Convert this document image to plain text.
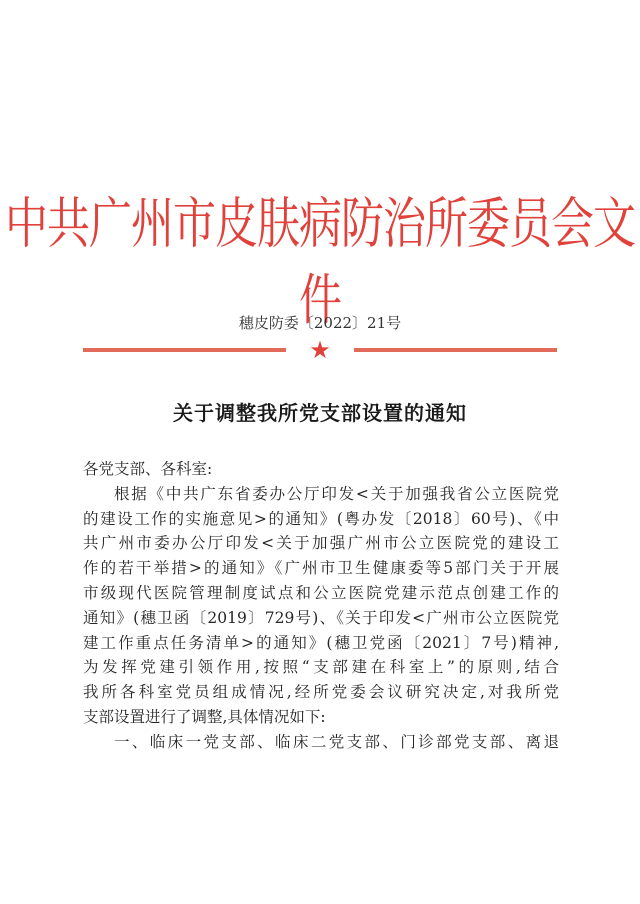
中共广州市皮肤病防治所委员会文件
穗皮防委〔2022〕21号
★
关于调整我所党支部设置的通知

各党支部、各科室:

根据《中共广东省委办公厅印发<关于加强我省公立医院党

的建设工作的实施意见>的通知》(粤办发〔2018〕60号)、《中

共广州市委办公厅印发<关于加强广州市公立医院党的建设工

作的若干举措>的通知》《广州市卫生健康委等5部门关于开展

市级现代医院管理制度试点和公立医院党建示范点创建工作的

通知》(穗卫函〔2019〕729号)、《关于印发<广州市公立医院党

建工作重点任务清单>的通知》(穗卫党函〔2021〕7号)精神,

为发挥党建引领作用,按照“支部建在科室上”的原则,结合

我所各科室党员组成情况,经所党委会议研究决定,对我所党

支部设置进行了调整,具体情况如下:

一、临床一党支部、临床二党支部、门诊部党支部、离退
